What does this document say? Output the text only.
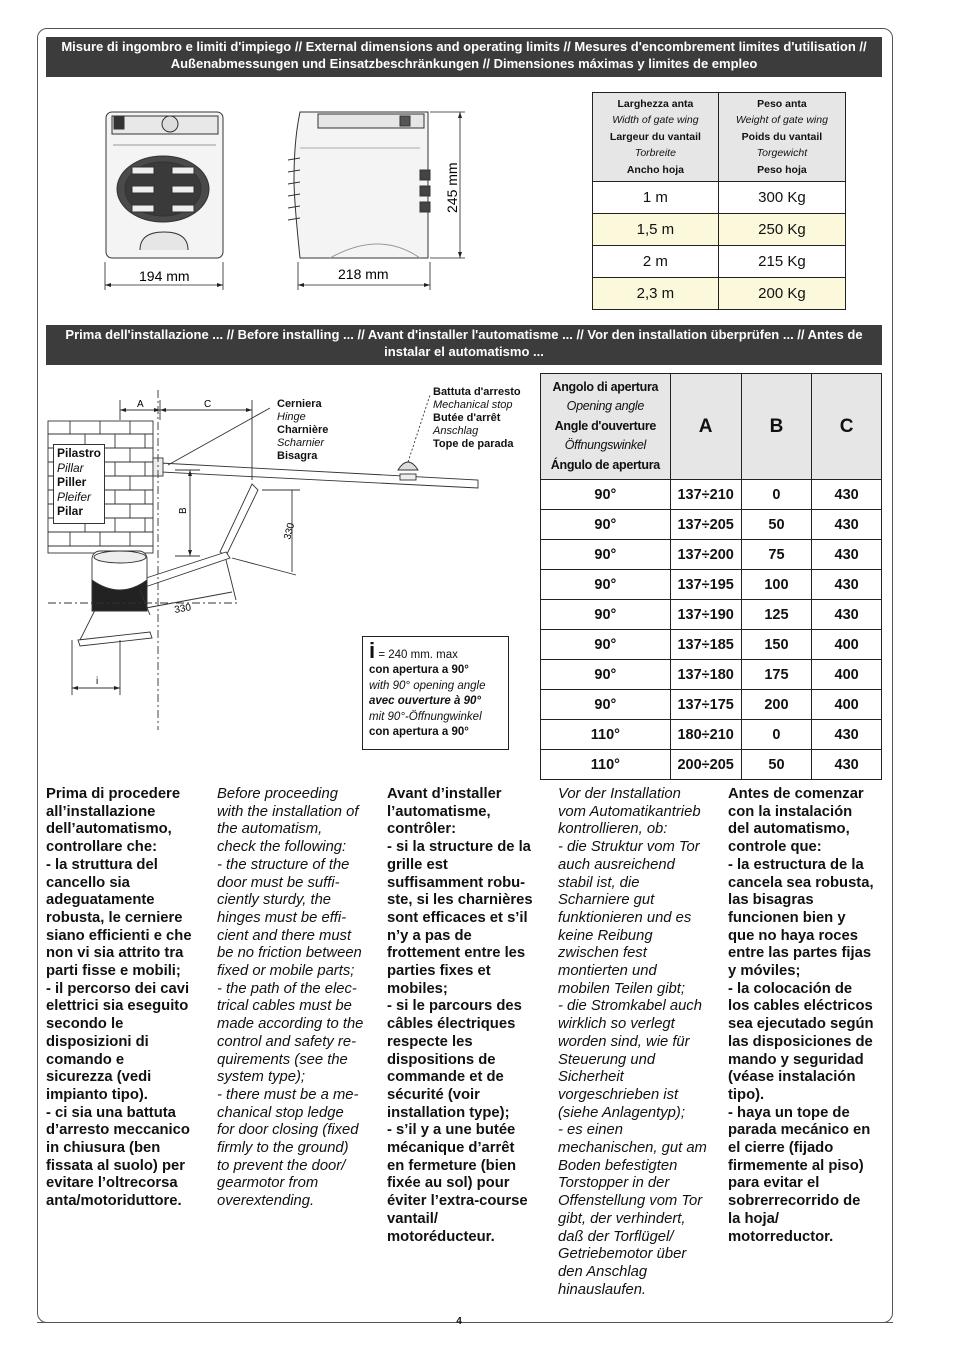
Misure di ingombro e limiti d'impiego // External dimensions and operating limits // Mesures d'encombrement limites d'utilisation // Außenabmessungen und Einsatzbeschränkungen // Dimensiones máximas y limites de empleo
194 mm	218 mm
245 mm
A	C
B
330
330
i
Pilastro
Pillar
Piller
Pleifer
Pilar
Cerniera
Hinge
Charnière
Scharnier
Bisagra
Battuta d'arresto
Mechanical stop
Butée d'arrêt
Anschlag
Tope de parada
i = 240 mm. max
con apertura a 90°
with 90° opening angle
avec ouverture à 90°
mit 90°-Öffnungwinkel
con apertura a 90°
Larghezza anta
Width of gate wing
Largeur du vantail
Torbreite
Ancho hoja	Peso anta
Weight of gate wing
Poids du vantail
Torgewicht
Peso hoja

1 m	300 Kg
1,5 m	250 Kg
2 m	215 Kg
2,3 m	200 Kg
Prima dell'installazione ... // Before installing ... // Avant d'installer l'automatisme ... // Vor den installation überprüfen ... // Antes de instalar el automatismo ...
Angolo di apertura
Opening angle
Angle d'ouverture
Öffnungswinkel
Ángulo de apertura	A	B	C
90°	137÷210	0	430
90°	137÷205	50	430
90°	137÷200	75	430
90°	137÷195	100	430
90°	137÷190	125	430
90°	137÷185	150	400
90°	137÷180	175	400
90°	137÷175	200	400
110°	180÷210	0	430
110°	200÷205	50	430

Prima di procedere
all’installazione
dell’automatismo,
controllare che:
- la struttura del
cancello sia
adeguatamente
robusta, le cerniere
siano efficienti e che
non vi sia attrito tra
parti fisse e mobili;
- il percorso dei cavi
elettrici sia eseguito
secondo le
disposizioni di
comando e
sicurezza (vedi
impianto tipo).
- ci sia una battuta
d’arresto meccanico
in chiusura (ben
fissata al suolo) per
evitare l’oltrecorsa
anta/motoriduttore.

Before proceeding
with the installation of
the automatism,
check the following:
- the structure of the
door must be suffi-
ciently sturdy, the
hinges must be effi-
cient and there must
be no friction between
fixed or mobile parts;
- the path of the elec-
trical cables must be
made according to the
control and safety re-
quirements (see the
system type);
- there must be a me-
chanical stop ledge
for door closing (fixed
firmly to the ground)
to prevent the door/
gearmotor from
overextending.

Avant d’installer
l’automatisme,
contrôler:
- si la structure de la
grille est
suffisamment robu-
ste, si les charnières
sont efficaces et s’il
n’y a pas de
frottement entre les
parties fixes et
mobiles;
- si le parcours des
câbles électriques
respecte les
dispositions de
commande et de
sécurité (voir
installation type);
- s’il y a une butée
mécanique d’arrêt
en fermeture (bien
fixée au sol) pour
éviter l’extra-course
vantail/
motoréducteur.

Vor der Installation
vom Automatikantrieb
kontrollieren, ob:
- die Struktur vom Tor
auch ausreichend
stabil ist, die
Scharniere gut
funktionieren und es
keine Reibung
zwischen fest
montierten und
mobilen Teilen gibt;
- die Stromkabel auch
wirklich so verlegt
worden sind, wie für
Steuerung und
Sicherheit
vorgeschrieben ist
(siehe Anlagentyp);
- es einen
mechanischen, gut am
Boden befestigten
Torstopper in der
Offenstellung vom Tor
gibt, der verhindert,
daß der Torflügel/
Getriebemotor über
den Anschlag
hinauslaufen.

Antes de comenzar
con la instalación
del automatismo,
controle que:
- la estructura de la
cancela sea robusta,
las bisagras
funcionen bien y
que no haya roces
entre las partes fijas
y móviles;
- la colocación de
los cables eléctricos
sea ejecutado según
las disposiciones de
mando y seguridad
(véase instalación
tipo).
- haya un tope de
parada mecánico en
el cierre (fijado
firmemente al piso)
para evitar el
sobrerrecorrido de
la hoja/
motorreductor.

4
